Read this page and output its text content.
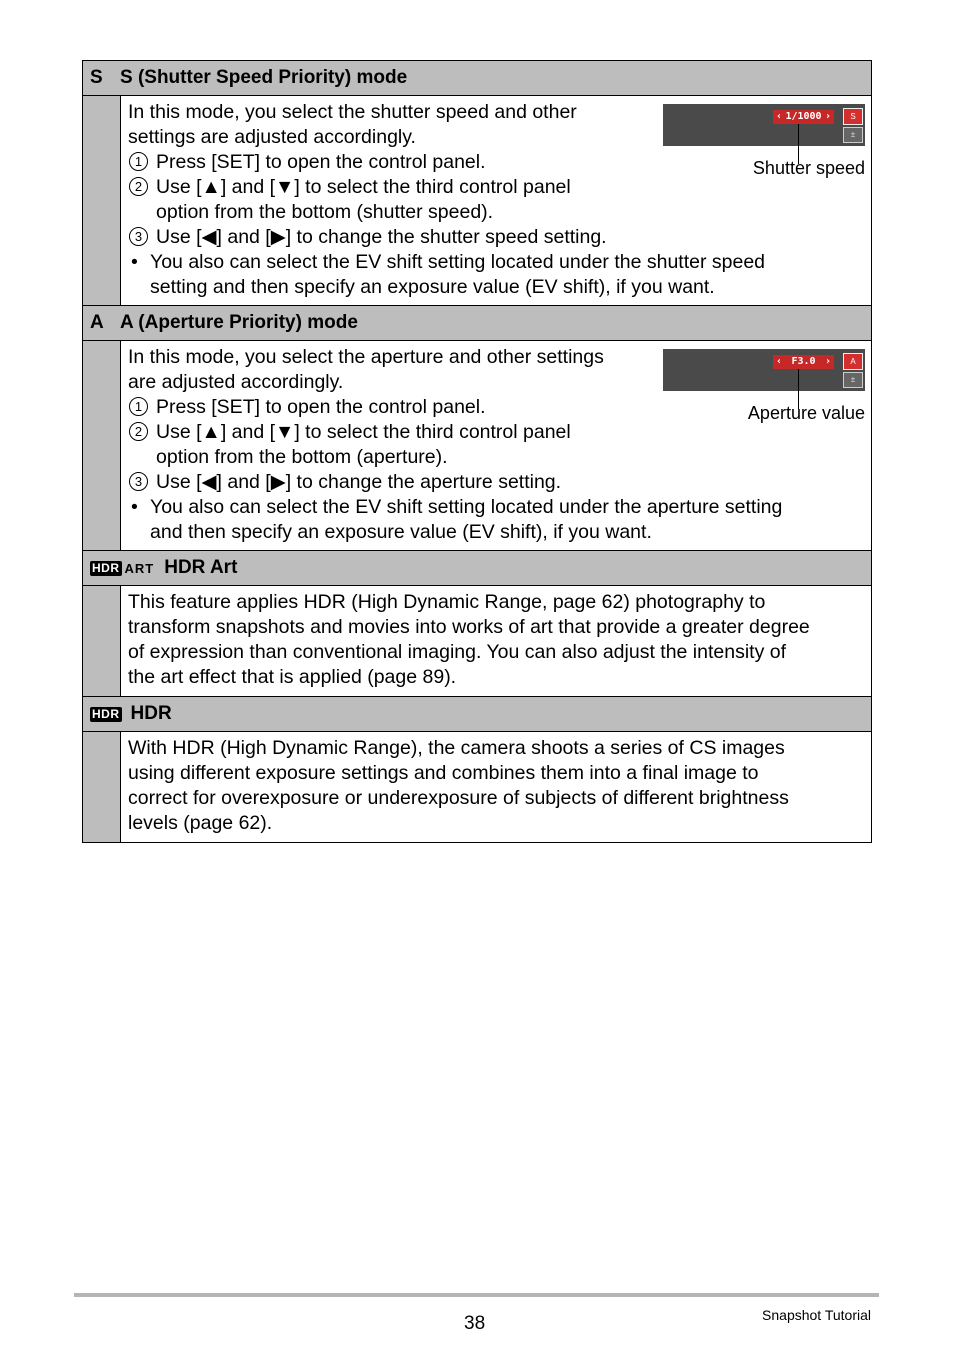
S S (Shutter Speed Priority) mode

In this mode, you select the shutter speed and other

settings are adjusted accordingly.

1 Press [SET] to open the control panel.
2 Use [▲] and [▼] to select the third control panel
option from the bottom (shutter speed).
3 Use [◀] and [▶] to change the shutter speed setting.
• You also can select the EV shift setting located under the shutter speed
setting and then specify an exposure value (EV shift), if you want.
‹ 1/1000 ›	S
±
Shutter speed
A A (Aperture Priority) mode

In this mode, you select the aperture and other settings

are adjusted accordingly.

1 Press [SET] to open the control panel.
2 Use [▲] and [▼] to select the third control panel
option from the bottom (aperture).
3 Use [◀] and [▶] to change the aperture setting.
• You also can select the EV shift setting located under the aperture setting
and then specify an exposure value (EV shift), if you want.
‹ F3.0 ›	A
±
Aperture value
HDR ART HDR Art

This feature applies HDR (High Dynamic Range, page 62) photography to

transform snapshots and movies into works of art that provide a greater degree

of expression than conventional imaging. You can also adjust the intensity of

the art effect that is applied (page 89).

HDR HDR

With HDR (High Dynamic Range), the camera shoots a series of CS images

using different exposure settings and combines them into a final image to

correct for overexposure or underexposure of subjects of different brightness

levels (page 62).

38	Snapshot Tutorial
